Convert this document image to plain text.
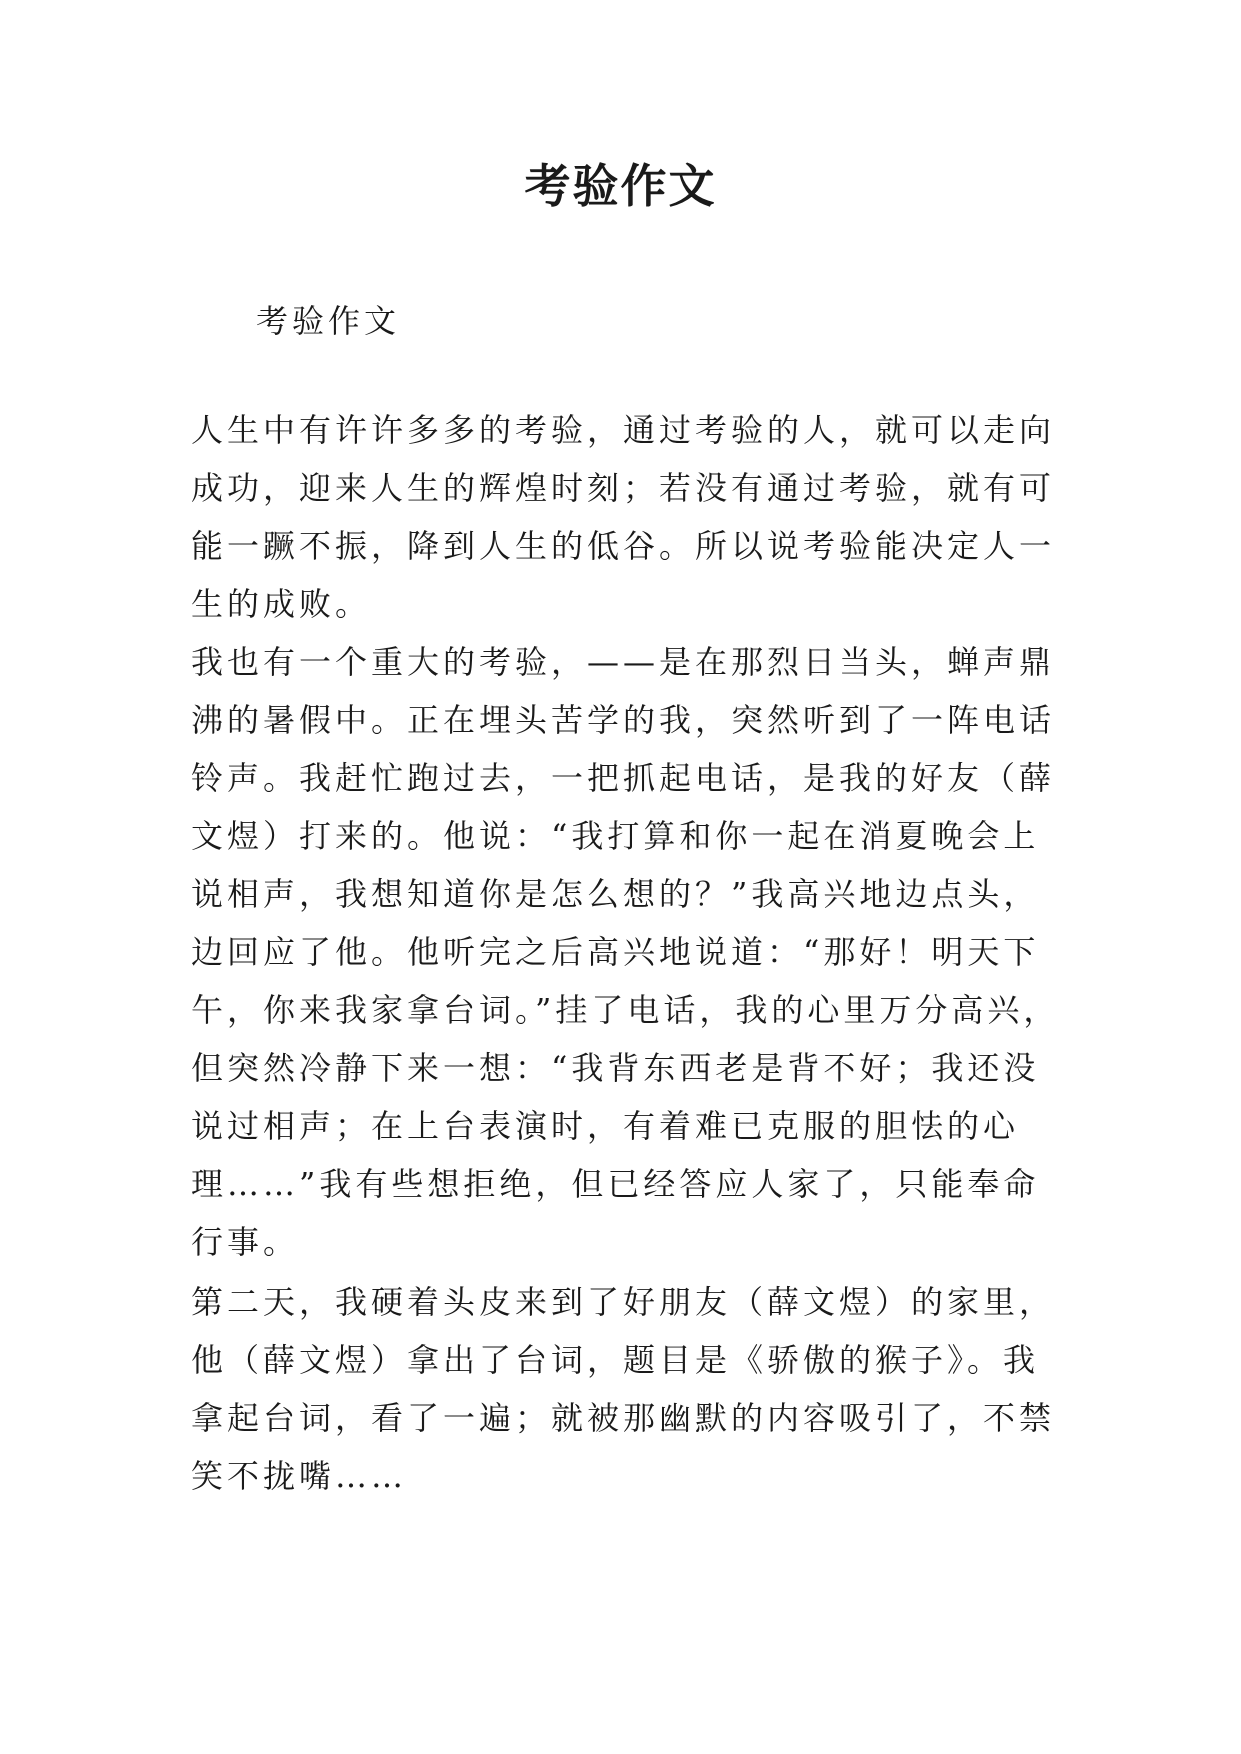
考验作文
考验作文

人生中有许许多多的考验，通过考验的人，就可以走向成功，迎来人生的辉煌时刻；若没有通过考验，就有可能一蹶不振，降到人生的低谷。所以说考验能决定人一生的成败。

我也有一个重大的考验，——是在那烈日当头，蝉声鼎沸的暑假中。正在埋头苦学的我，突然听到了一阵电话铃声。我赶忙跑过去，一把抓起电话，是我的好友（薛文煜）打来的。他说：“我打算和你一起在消夏晚会上说相声，我想知道你是怎么想的？”我高兴地边点头，边回应了他。他听完之后高兴地说道：“那好！明天下午，你来我家拿台词。”挂了电话，我的心里万分高兴，但突然冷静下来一想：“我背东西老是背不好；我还没说过相声；在上台表演时，有着难已克服的胆怯的心理……”我有些想拒绝，但已经答应人家了，只能奉命行事。

第二天，我硬着头皮来到了好朋友（薛文煜）的家里，他（薛文煜）拿出了台词，题目是《骄傲的猴子》。我拿起台词，看了一遍；就被那幽默的内容吸引了，不禁笑不拢嘴……
